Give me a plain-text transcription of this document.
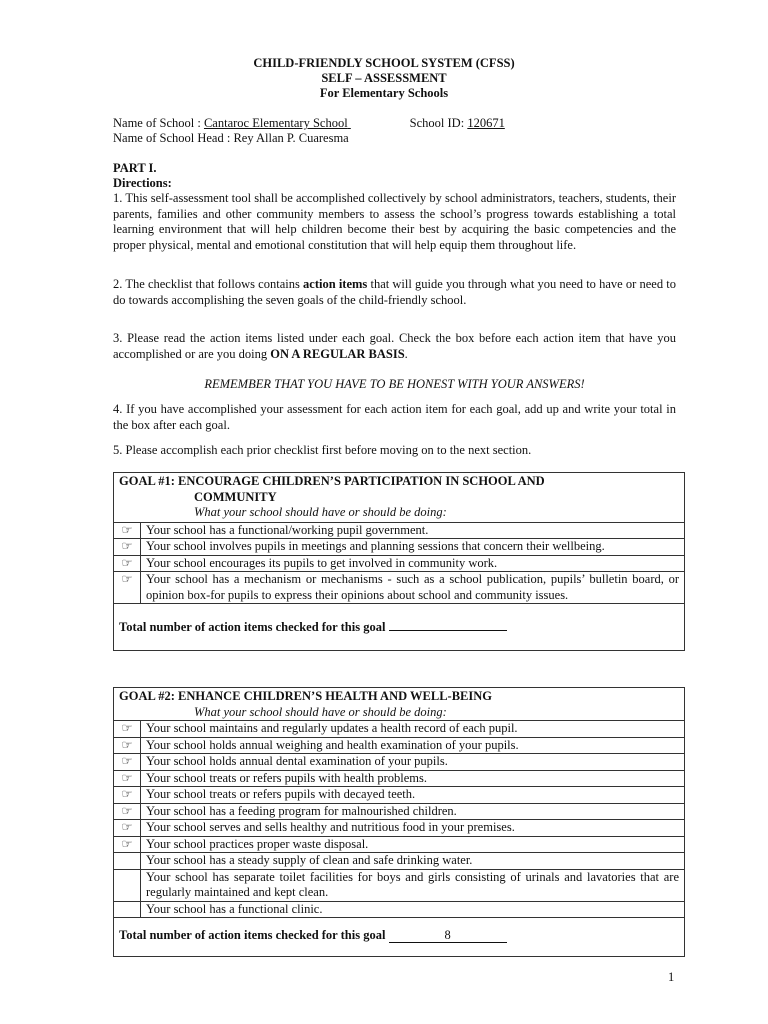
CHILD-FRIENDLY SCHOOL SYSTEM (CFSS)
SELF – ASSESSMENT
For Elementary Schools
Name of School : Cantaroc Elementary School	School ID: 120671
Name of School Head : Rey Allan P. Cuaresma
PART I.
Directions:
1. This self-assessment tool shall be accomplished collectively by school administrators, teachers, students, their parents, families and other community members to assess the school’s progress towards establishing a total learning environment that will help children become their best by acquiring the basic competencies and the proper physical, mental and emotional constitution that will help equip them throughout life.
2. The checklist that follows contains action items that will guide you through what you need to have or need to do towards accomplishing the seven goals of the child-friendly school.
3. Please read the action items listed under each goal. Check the box before each action item that have you accomplished or are you doing ON A REGULAR BASIS.
REMEMBER THAT YOU HAVE TO BE HONEST WITH YOUR ANSWERS!
4. If you have accomplished your assessment for each action item for each goal, add up and write your total in the box after each goal.
5. Please accomplish each prior checklist first before moving on to the next section.
GOAL #1: ENCOURAGE CHILDREN’S PARTICIPATION IN SCHOOL AND
COMMUNITY
What your school should have or should be doing:	

☞	Your school has a functional/working pupil government.
☞	Your school involves pupils in meetings and planning sessions that concern their wellbeing.
☞	Your school encourages its pupils to get involved in community work.
☞	Your school has a mechanism or mechanisms - such as a school publication, pupils’ bulletin board, or opinion box-for pupils to express their opinions about school and community issues.
Total number of action items checked for this goal	
GOAL #2: ENHANCE CHILDREN’S HEALTH AND WELL-BEING
What your school should have or should be doing:	

☞	Your school maintains and regularly updates a health record of each pupil.
☞	Your school holds annual weighing and health examination of your pupils.
☞	Your school holds annual dental examination of your pupils.
☞	Your school treats or refers pupils with health problems.
☞	Your school treats or refers pupils with decayed teeth.
☞	Your school has a feeding program for malnourished children.
☞	Your school serves and sells healthy and nutritious food in your premises.
☞	Your school practices proper waste disposal.
	Your school has a steady supply of clean and safe drinking water.
	Your school has separate toilet facilities for boys and girls consisting of urinals and lavatories that are regularly maintained and kept clean.
	Your school has a functional clinic.
Total number of action items checked for this goal 8	
1
